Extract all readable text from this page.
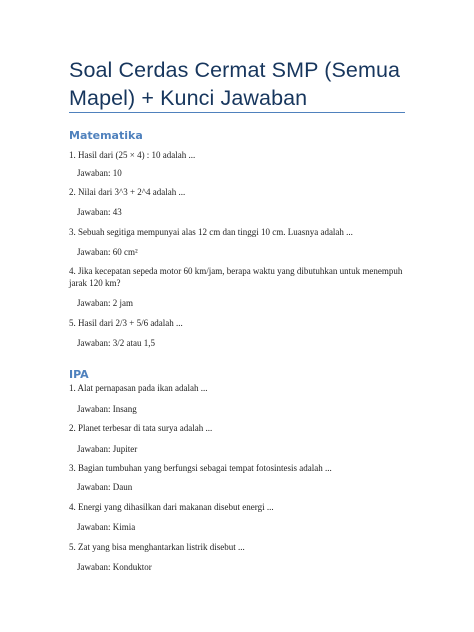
Soal Cerdas Cermat SMP (Semua Mapel) + Kunci Jawaban
Matematika
1. Hasil dari (25 × 4) : 10 adalah ...
Jawaban: 10
2. Nilai dari 3^3 + 2^4 adalah ...
Jawaban: 43
3. Sebuah segitiga mempunyai alas 12 cm dan tinggi 10 cm. Luasnya adalah ...
Jawaban: 60 cm²
4. Jika kecepatan sepeda motor 60 km/jam, berapa waktu yang dibutuhkan untuk menempuh jarak 120 km?
Jawaban: 2 jam
5. Hasil dari 2/3 + 5/6 adalah ...
Jawaban: 3/2 atau 1,5
IPA
1. Alat pernapasan pada ikan adalah ...
Jawaban: Insang
2. Planet terbesar di tata surya adalah ...
Jawaban: Jupiter
3. Bagian tumbuhan yang berfungsi sebagai tempat fotosintesis adalah ...
Jawaban: Daun
4. Energi yang dihasilkan dari makanan disebut energi ...
Jawaban: Kimia
5. Zat yang bisa menghantarkan listrik disebut ...
Jawaban: Konduktor
